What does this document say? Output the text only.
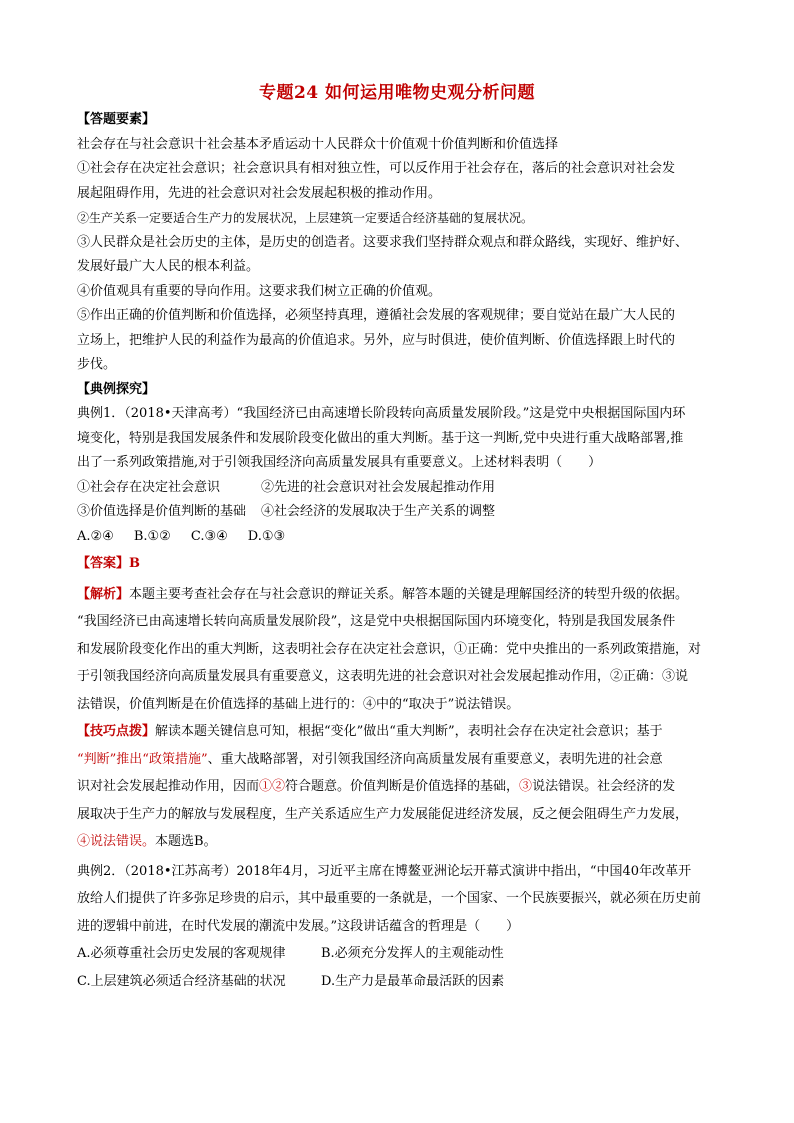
专题24 如何运用唯物史观分析问题

【答题要素】

社会存在与社会意识十社会基本矛盾运动十人民群众十价值观十价值判断和价值选择

①社会存在决定社会意识；社会意识具有相对独立性，可以反作用于社会存在，落后的社会意识对社会发

展起阻碍作用，先进的社会意识对社会发展起积极的推动作用。

②生产关系一定要适合生产力的发展状况，上层建筑一定要适合经济基础的复展状况。

③人民群众是社会历史的主体，是历史的创造者。这要求我们坚持群众观点和群众路线，实现好、维护好、

发展好最广大人民的根本利益。

④价值观具有重要的导向作用。这要求我们树立正确的价值观。

⑤作出正确的价值判断和价值选择，必须坚持真理，遵循社会发展的客观规律；要自觉站在最广大人民的

立场上，把维护人民的利益作为最高的价值追求。另外，应与时俱进，使价值判断、价值选择跟上时代的

步伐。

【典例探究】

典例1．（2018•天津高考）“我国经济已由高速增长阶段转向高质量发展阶段。”这是党中央根据国际国内环

境变化，特别是我国发展条件和发展阶段变化做出的重大判断。基于这一判断,党中央进行重大战略部署,推

出了一系列政策措施,对于引领我国经济向高质量发展具有重要意义。上述材料表明（　　）

①社会存在决定社会意识	②先进的社会意识对社会发展起推动作用

③价值选择是价值判断的基础 ④社会经济的发展取决于生产关系的调整

A.②④ B.①② C.③④ D.①③

【答案】B

【解析】本题主要考查社会存在与社会意识的辩证关系。解答本题的关键是理解国经济的转型升级的依据。

“我国经济已由高速增长转向高质量发展阶段”，这是党中央根据国际国内环境变化，特别是我国发展条件

和发展阶段变化作出的重大判断，这表明社会存在决定社会意识，①正确：党中央推出的一系列政策措施，对

于引领我国经济向高质量发展具有重要意义，这表明先进的社会意识对社会发展起推动作用，②正确：③说

法错误，价值判断是在价值选择的基础上进行的：④中的“取决于”说法错误。

【技巧点拨】解读本题关键信息可知，根据“变化”做出“重大判断”，表明社会存在决定社会意识；基于

“判断”推出“政策措施”、重大战略部署，对引领我国经济向高质量发展有重要意义，表明先进的社会意

识对社会发展起推动作用，因而①②符合题意。价值判断是价值选择的基础，③说法错误。社会经济的发

展取决于生产力的解放与发展程度，生产关系适应生产力发展能促进经济发展，反之便会阻碍生产力发展，

④说法错误。本题选B。

典例2．（2018•江苏高考）2018年4月，习近平主席在博鳌亚洲论坛开幕式演讲中指出，“中国40年改革开

放给人们提供了许多弥足珍贵的启示，其中最重要的一条就是，一个国家、一个民族要振兴，就必须在历史前

进的逻辑中前进，在时代发展的潮流中发展。”这段讲话蕴含的哲理是（　　）

A.必须尊重社会历史发展的客观规律	B.必须充分发挥人的主观能动性

C.上层建筑必须适合经济基础的状况	D.生产力是最革命最活跃的因素
